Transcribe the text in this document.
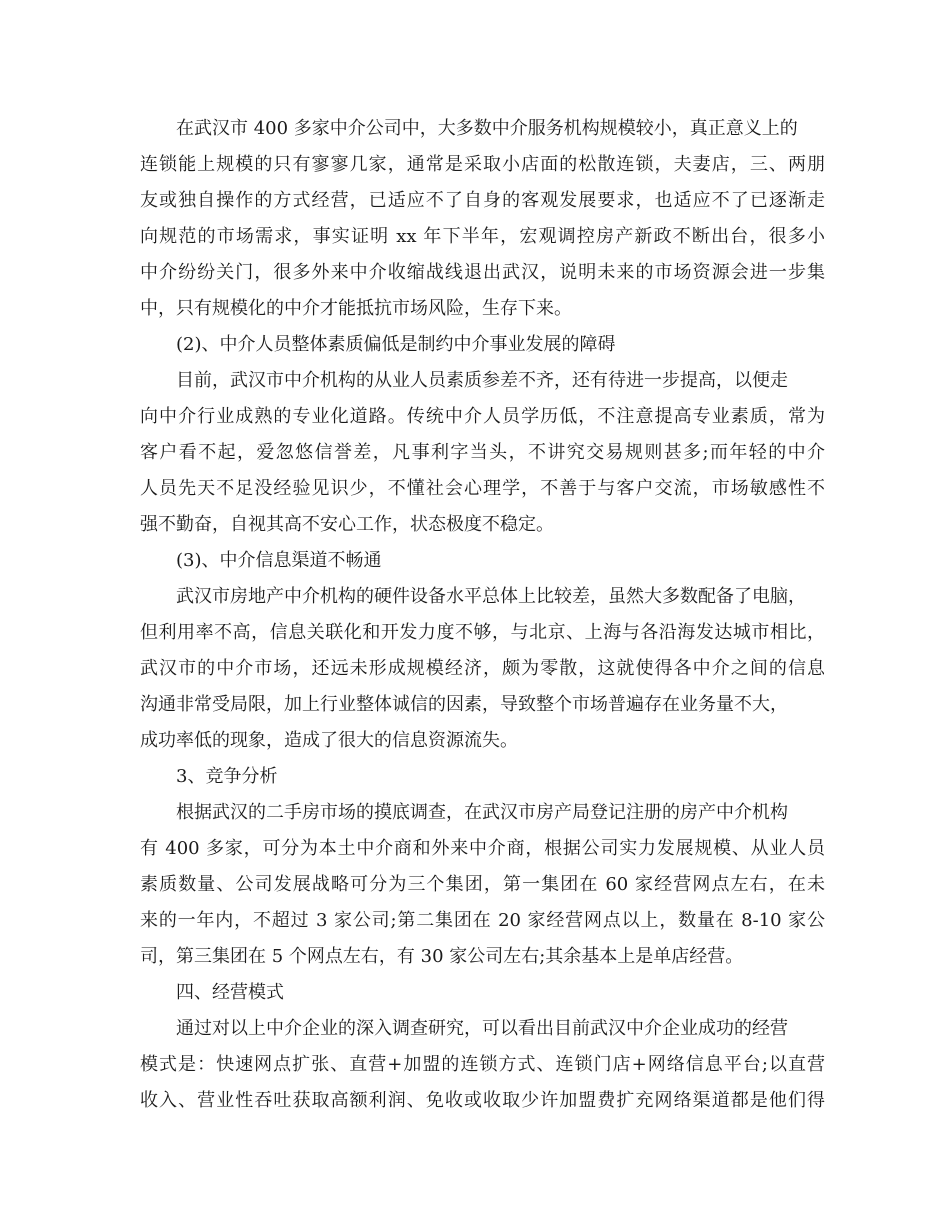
在武汉市 400 多家中介公司中，大多数中介服务机构规模较小，真正意义上的

连锁能上规模的只有寥寥几家，通常是采取小店面的松散连锁，夫妻店，三、两朋

友或独自操作的方式经营，已适应不了自身的客观发展要求，也适应不了已逐渐走

向规范的市场需求，事实证明 xx 年下半年，宏观调控房产新政不断出台，很多小

中介纷纷关门，很多外来中介收缩战线退出武汉，说明未来的市场资源会进一步集

中，只有规模化的中介才能抵抗市场风险，生存下来。

(2)、中介人员整体素质偏低是制约中介事业发展的障碍

目前，武汉市中介机构的从业人员素质参差不齐，还有待进一步提高，以便走

向中介行业成熟的专业化道路。传统中介人员学历低，不注意提高专业素质，常为

客户看不起，爱忽悠信誉差，凡事利字当头，不讲究交易规则甚多;而年轻的中介

人员先天不足没经验见识少，不懂社会心理学，不善于与客户交流，市场敏感性不

强不勤奋，自视其高不安心工作，状态极度不稳定。

(3)、中介信息渠道不畅通

武汉市房地产中介机构的硬件设备水平总体上比较差，虽然大多数配备了电脑，

但利用率不高，信息关联化和开发力度不够，与北京、上海与各沿海发达城市相比，

武汉市的中介市场，还远未形成规模经济，颇为零散，这就使得各中介之间的信息

沟通非常受局限，加上行业整体诚信的因素，导致整个市场普遍存在业务量不大，

成功率低的现象，造成了很大的信息资源流失。

3、竞争分析

根据武汉的二手房市场的摸底调查，在武汉市房产局登记注册的房产中介机构

有 400 多家，可分为本土中介商和外来中介商，根据公司实力发展规模、从业人员

素质数量、公司发展战略可分为三个集团，第一集团在 60 家经营网点左右，在未

来的一年内，不超过 3 家公司;第二集团在 20 家经营网点以上，数量在 8-10 家公

司，第三集团在 5 个网点左右，有 30 家公司左右;其余基本上是单店经营。

四、经营模式

通过对以上中介企业的深入调查研究，可以看出目前武汉中介企业成功的经营

模式是：快速网点扩张、直营+加盟的连锁方式、连锁门店+网络信息平台;以直营

收入、营业性吞吐获取高额利润、免收或收取少许加盟费扩充网络渠道都是他们得
